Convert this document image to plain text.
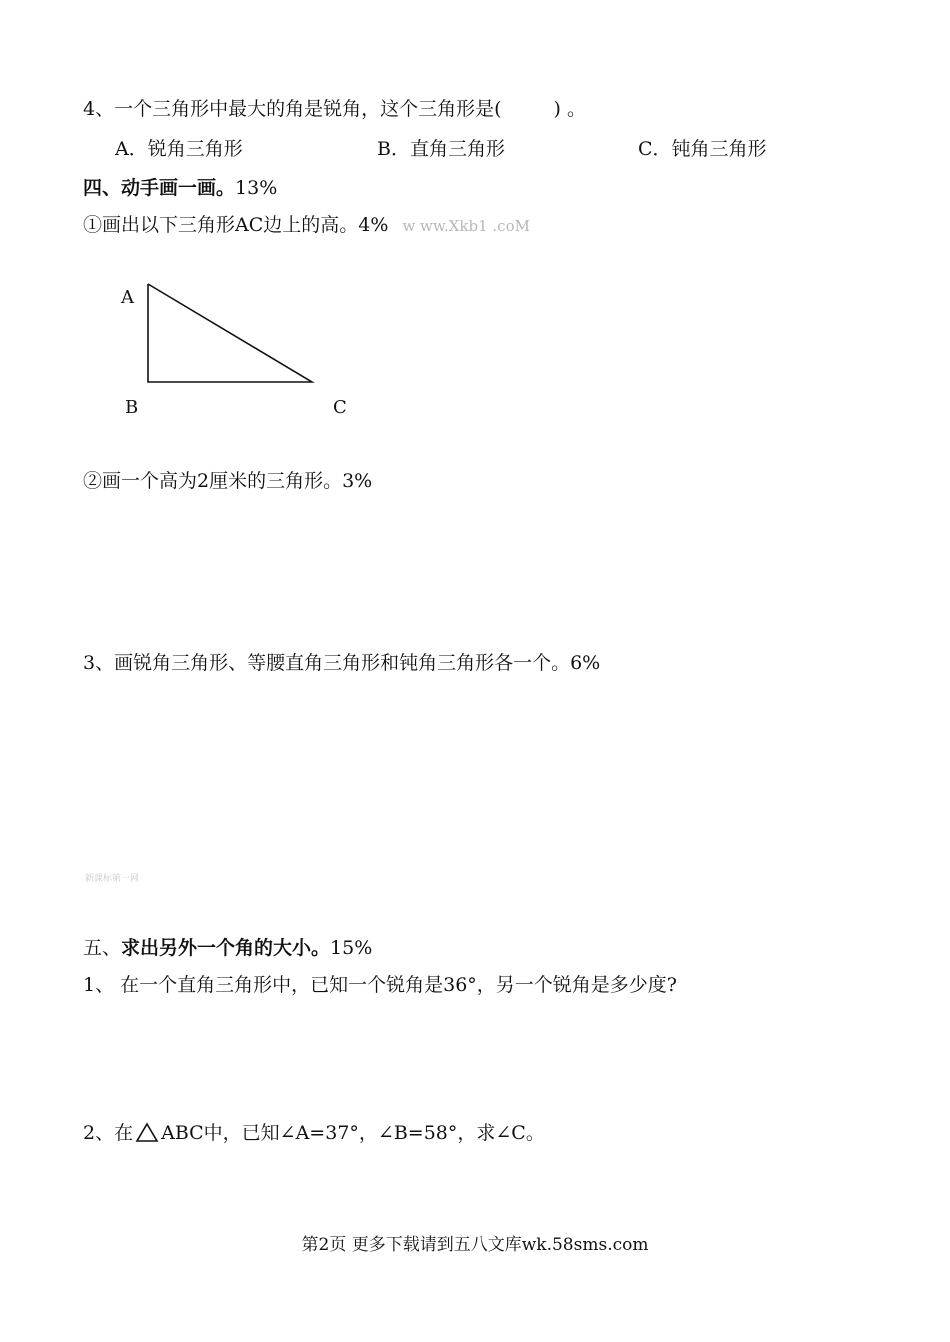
4、一个三角形中最大的角是锐角，这个三角形是(	) 。
A．锐角三角形	B．直角三角形	C．钝角三角形
四、动手画一画。13%
①画出以下三角形AC边上的高。4% w ww.Xkb1 .coM
A
B	C
②画一个高为2厘米的三角形。3%
3、画锐角三角形、等腰直角三角形和钝角三角形各一个。6%
新课标第一网
五、求出另外一个角的大小。15%
1、 在一个直角三角形中，已知一个锐角是36°，另一个锐角是多少度?
2、在 ABC中，已知∠A=37°，∠B=58°，求∠C。
第2页 更多下载请到五八文库wk.58sms.com
